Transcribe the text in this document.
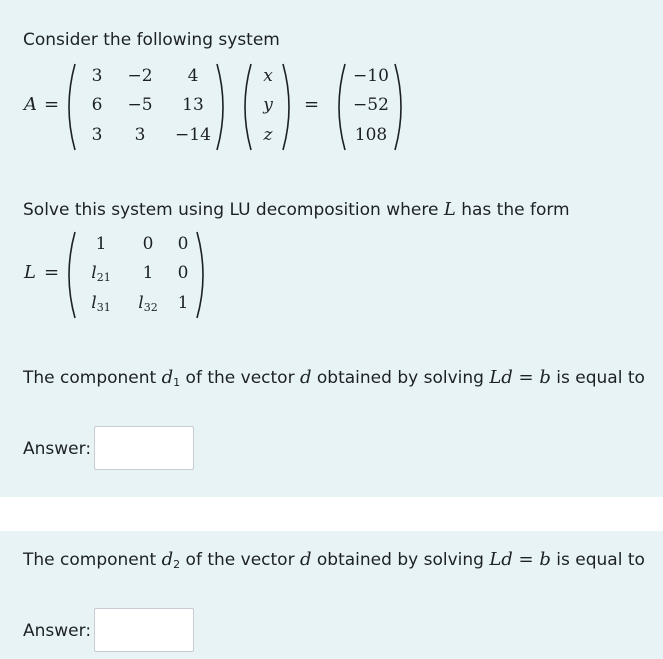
Consider the following system
A =
3 −2 4
6 −5 13
3 3 −14
x
y
z
=
−10
−52
108
Solve this system using LU decomposition where L has the form
L =
1 0 0
$l_{21}$ 1 0
$l_{31}$ $l_{32}$ 1
The component $d_1$ of the vector d obtained by solving Ld = b is equal to
Answer:
The component $d_2$ of the vector d obtained by solving Ld = b is equal to
Answer:
